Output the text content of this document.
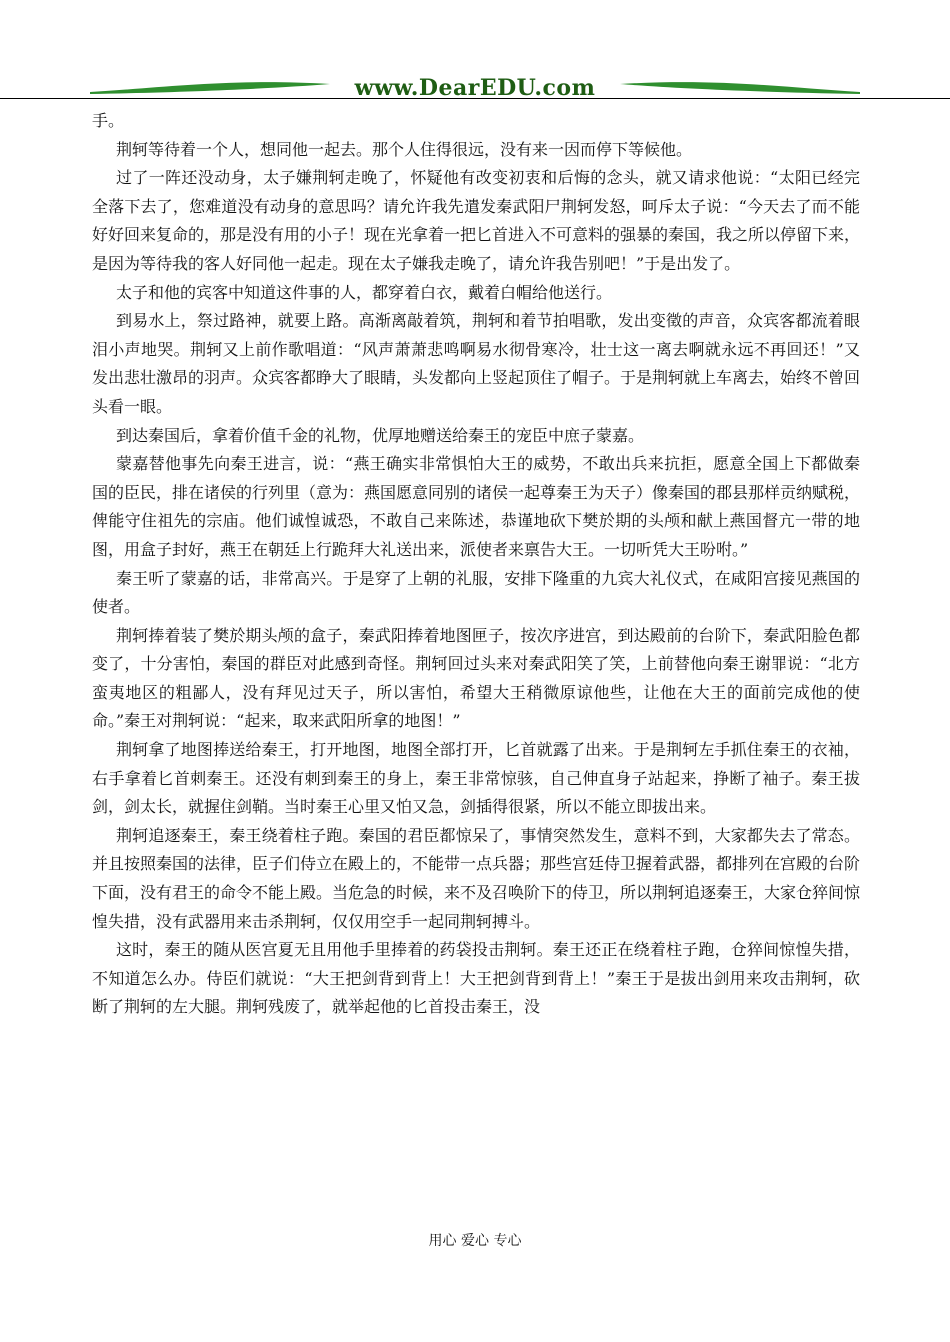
www.DearEDU.com

手。

荆轲等待着一个人，想同他一起去。那个人住得很远，没有来一因而停下等候他。

过了一阵还没动身，太子嫌荆轲走晚了，怀疑他有改变初衷和后悔的念头，就又请求他说：“太阳已经完全落下去了，您难道没有动身的意思吗？请允许我先遣发秦武阳尸荆轲发怒，呵斥太子说：“今天去了而不能好好回来复命的，那是没有用的小子！现在光拿着一把匕首进入不可意料的强暴的秦国，我之所以停留下来，是因为等待我的客人好同他一起走。现在太子嫌我走晚了，请允许我告别吧！”于是出发了。

太子和他的宾客中知道这件事的人，都穿着白衣，戴着白帽给他送行。

到易水上，祭过路神，就要上路。高渐离敲着筑，荆轲和着节拍唱歌，发出变徵的声音，众宾客都流着眼泪小声地哭。荆轲又上前作歌唱道：“风声萧萧悲鸣啊易水彻骨寒冷，壮士这一离去啊就永远不再回还！”又发出悲壮激昂的羽声。众宾客都睁大了眼睛，头发都向上竖起顶住了帽子。于是荆轲就上车离去，始终不曾回头看一眼。

到达秦国后，拿着价值千金的礼物，优厚地赠送给秦王的宠臣中庶子蒙嘉。

蒙嘉替他事先向秦王进言，说：“燕王确实非常惧怕大王的威势，不敢出兵来抗拒，愿意全国上下都做秦国的臣民，排在诸侯的行列里（意为：燕国愿意同别的诸侯一起尊秦王为天子）像秦国的郡县那样贡纳赋税，俾能守住祖先的宗庙。他们诚惶诚恐，不敢自己来陈述，恭谨地砍下樊於期的头颅和献上燕国督亢一带的地图，用盒子封好，燕王在朝廷上行跪拜大礼送出来，派使者来禀告大王。一切听凭大王吩咐。”

秦王听了蒙嘉的话，非常高兴。于是穿了上朝的礼服，安排下隆重的九宾大礼仪式，在咸阳宫接见燕国的使者。

荆轲捧着装了樊於期头颅的盒子，秦武阳捧着地图匣子，按次序进宫，到达殿前的台阶下，秦武阳脸色都变了，十分害怕，秦国的群臣对此感到奇怪。荆轲回过头来对秦武阳笑了笑，上前替他向秦王谢罪说：“北方蛮夷地区的粗鄙人，没有拜见过天子，所以害怕，希望大王稍微原谅他些，让他在大王的面前完成他的使命。”秦王对荆轲说：“起来，取来武阳所拿的地图！”

荆轲拿了地图捧送给秦王，打开地图，地图全部打开，匕首就露了出来。于是荆轲左手抓住秦王的衣袖，右手拿着匕首刺秦王。还没有刺到秦王的身上，秦王非常惊骇，自己伸直身子站起来，挣断了袖子。秦王拔剑，剑太长，就握住剑鞘。当时秦王心里又怕又急，剑插得很紧，所以不能立即拔出来。

荆轲追逐秦王，秦王绕着柱子跑。秦国的君臣都惊呆了，事情突然发生，意料不到，大家都失去了常态。并且按照秦国的法律，臣子们侍立在殿上的，不能带一点兵器；那些宫廷侍卫握着武器，都排列在宫殿的台阶下面，没有君王的命令不能上殿。当危急的时候，来不及召唤阶下的侍卫，所以荆轲追逐秦王，大家仓猝间惊惶失措，没有武器用来击杀荆轲，仅仅用空手一起同荆轲搏斗。

这时，秦王的随从医宫夏无且用他手里捧着的药袋投击荆轲。秦王还正在绕着柱子跑，仓猝间惊惶失措，不知道怎么办。侍臣们就说：“大王把剑背到背上！大王把剑背到背上！”秦王于是拔出剑用来攻击荆轲，砍断了荆轲的左大腿。荆轲残废了，就举起他的匕首投击秦王，没

用心 爱心 专心
